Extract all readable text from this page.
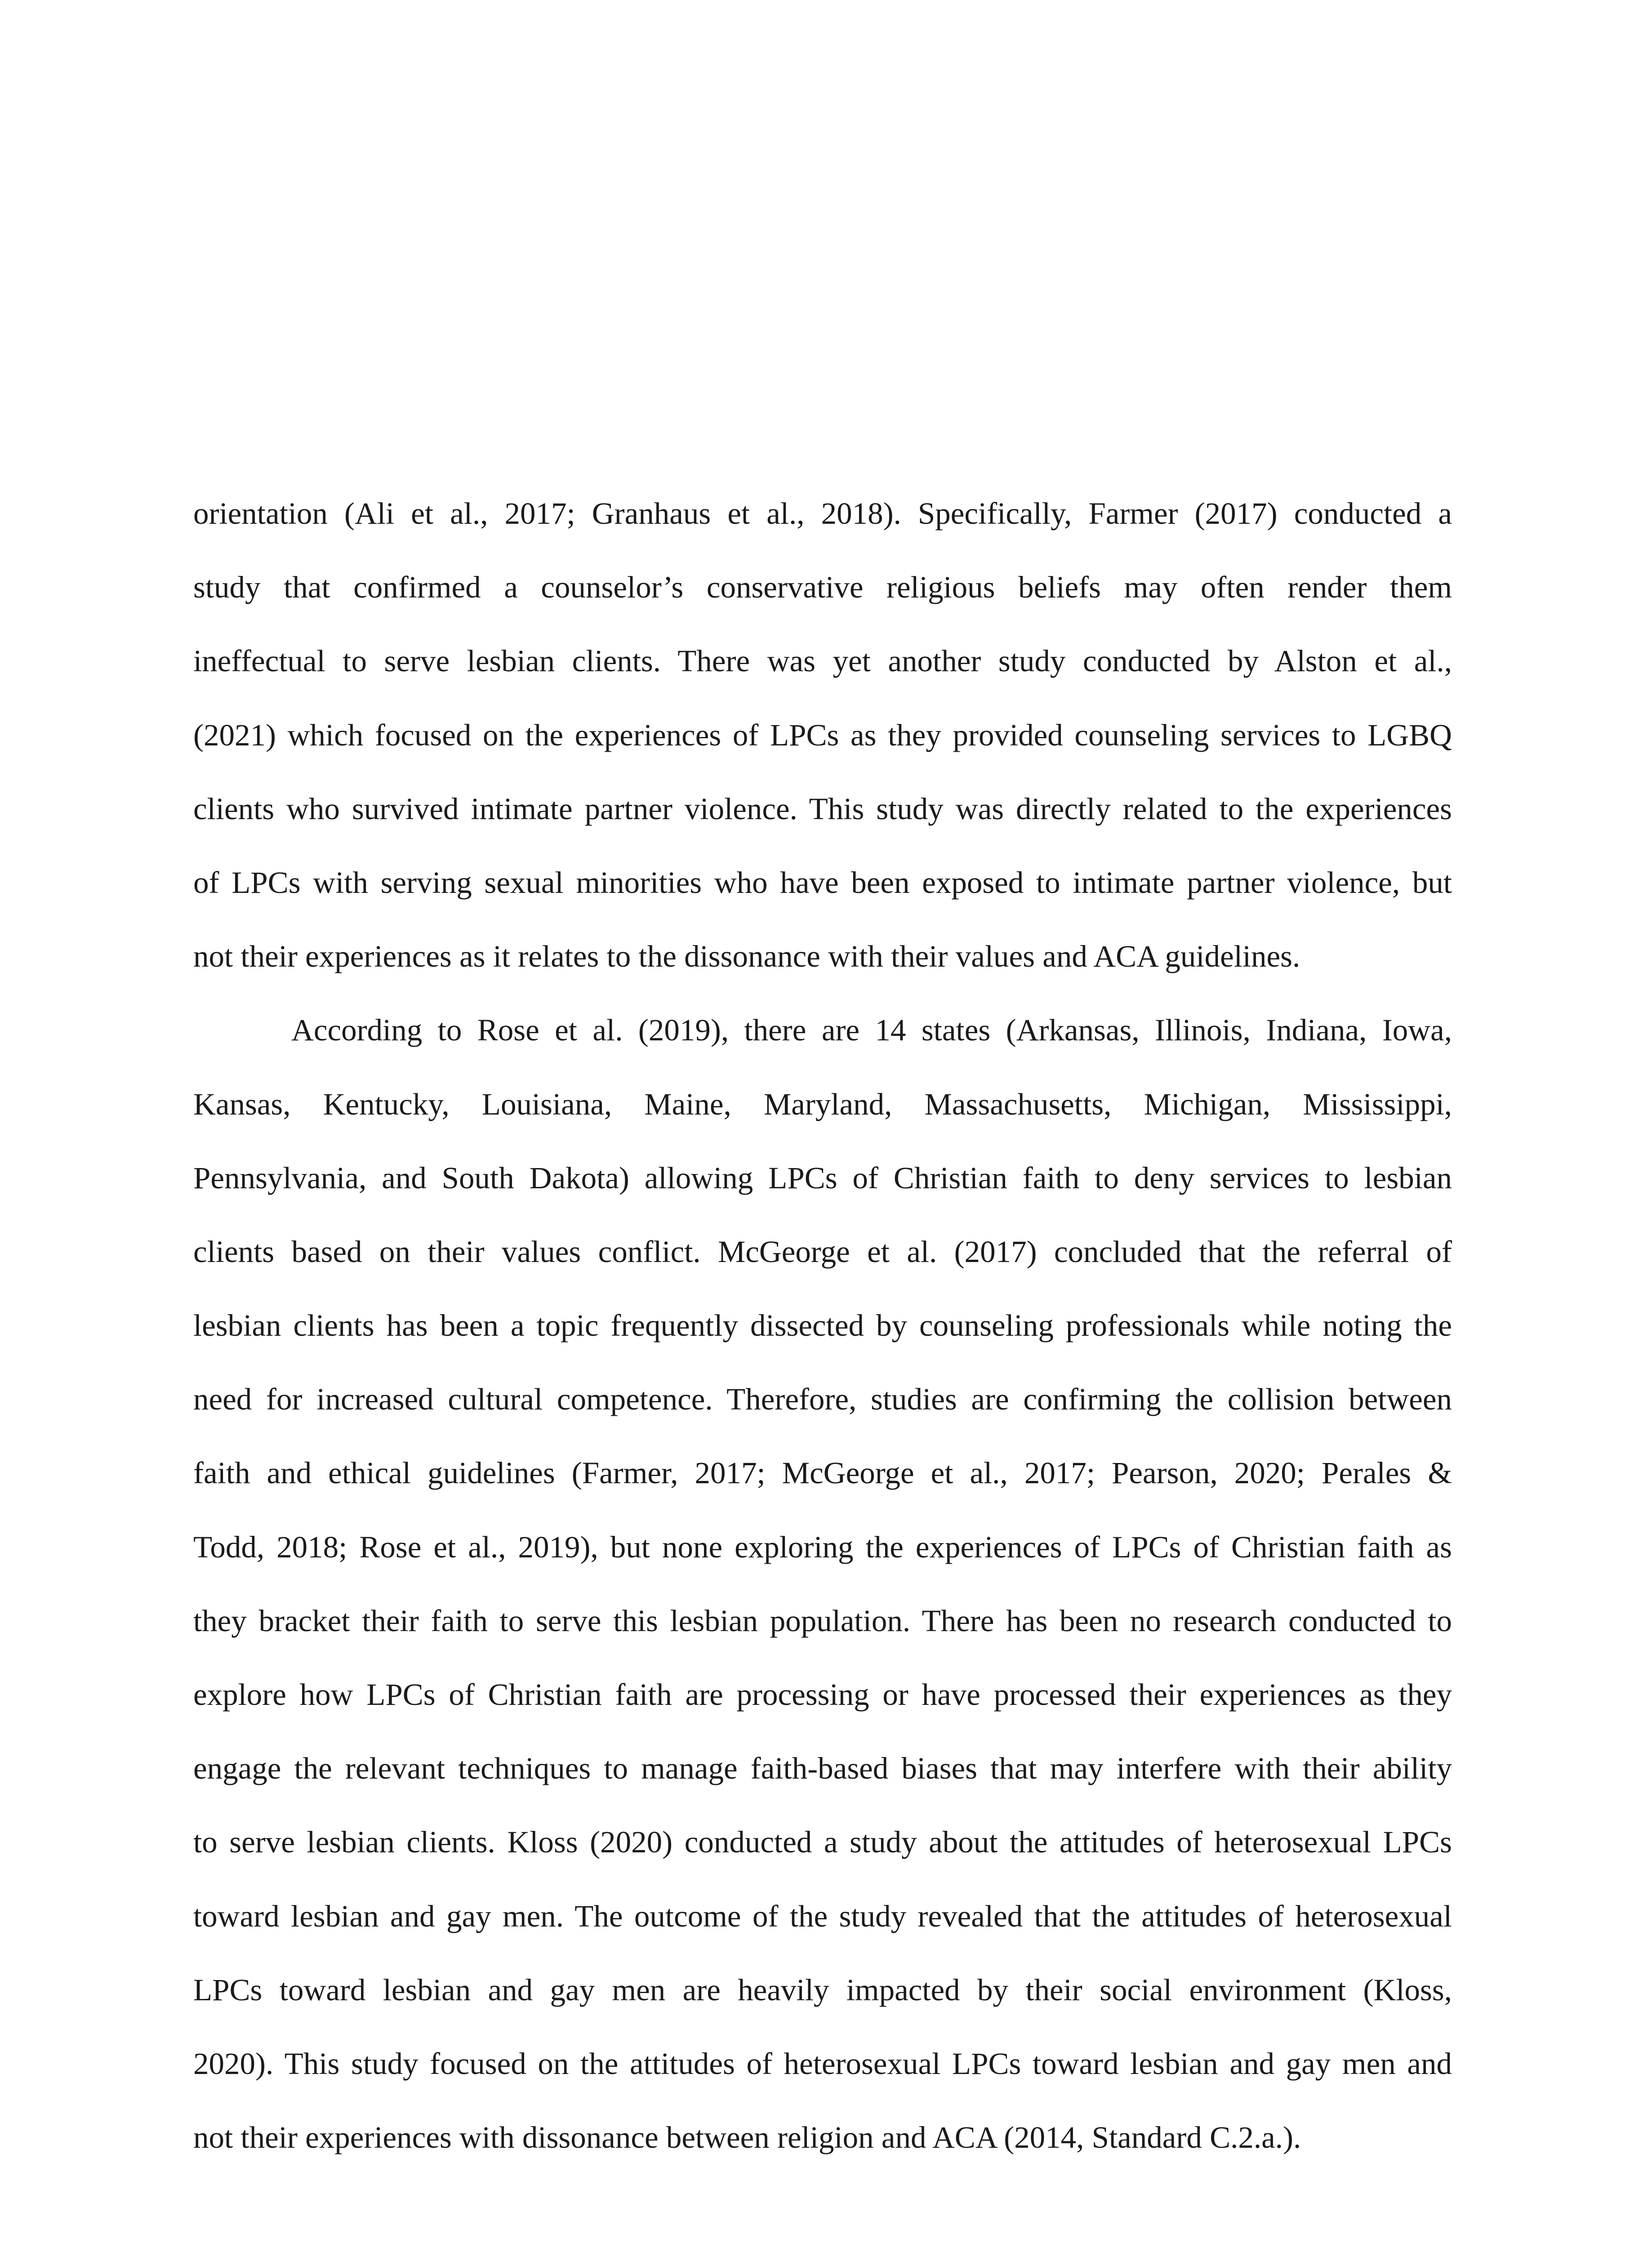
orientation (Ali et al., 2017; Granhaus et al., 2018). Specifically, Farmer (2017) conducted a
study that confirmed a counselor’s conservative religious beliefs may often render them
ineffectual to serve lesbian clients. There was yet another study conducted by Alston et al.,
(2021) which focused on the experiences of LPCs as they provided counseling services to LGBQ
clients who survived intimate partner violence. This study was directly related to the experiences
of LPCs with serving sexual minorities who have been exposed to intimate partner violence, but
not their experiences as it relates to the dissonance with their values and ACA guidelines.
According to Rose et al. (2019), there are 14 states (Arkansas, Illinois, Indiana, Iowa,
Kansas, Kentucky, Louisiana, Maine, Maryland, Massachusetts, Michigan, Mississippi,
Pennsylvania, and South Dakota) allowing LPCs of Christian faith to deny services to lesbian
clients based on their values conflict. McGeorge et al. (2017) concluded that the referral of
lesbian clients has been a topic frequently dissected by counseling professionals while noting the
need for increased cultural competence. Therefore, studies are confirming the collision between
faith and ethical guidelines (Farmer, 2017; McGeorge et al., 2017; Pearson, 2020; Perales &
Todd, 2018; Rose et al., 2019), but none exploring the experiences of LPCs of Christian faith as
they bracket their faith to serve this lesbian population. There has been no research conducted to
explore how LPCs of Christian faith are processing or have processed their experiences as they
engage the relevant techniques to manage faith-based biases that may interfere with their ability
to serve lesbian clients. Kloss (2020) conducted a study about the attitudes of heterosexual LPCs
toward lesbian and gay men. The outcome of the study revealed that the attitudes of heterosexual
LPCs toward lesbian and gay men are heavily impacted by their social environment (Kloss,
2020). This study focused on the attitudes of heterosexual LPCs toward lesbian and gay men and
not their experiences with dissonance between religion and ACA (2014, Standard C.2.a.).
